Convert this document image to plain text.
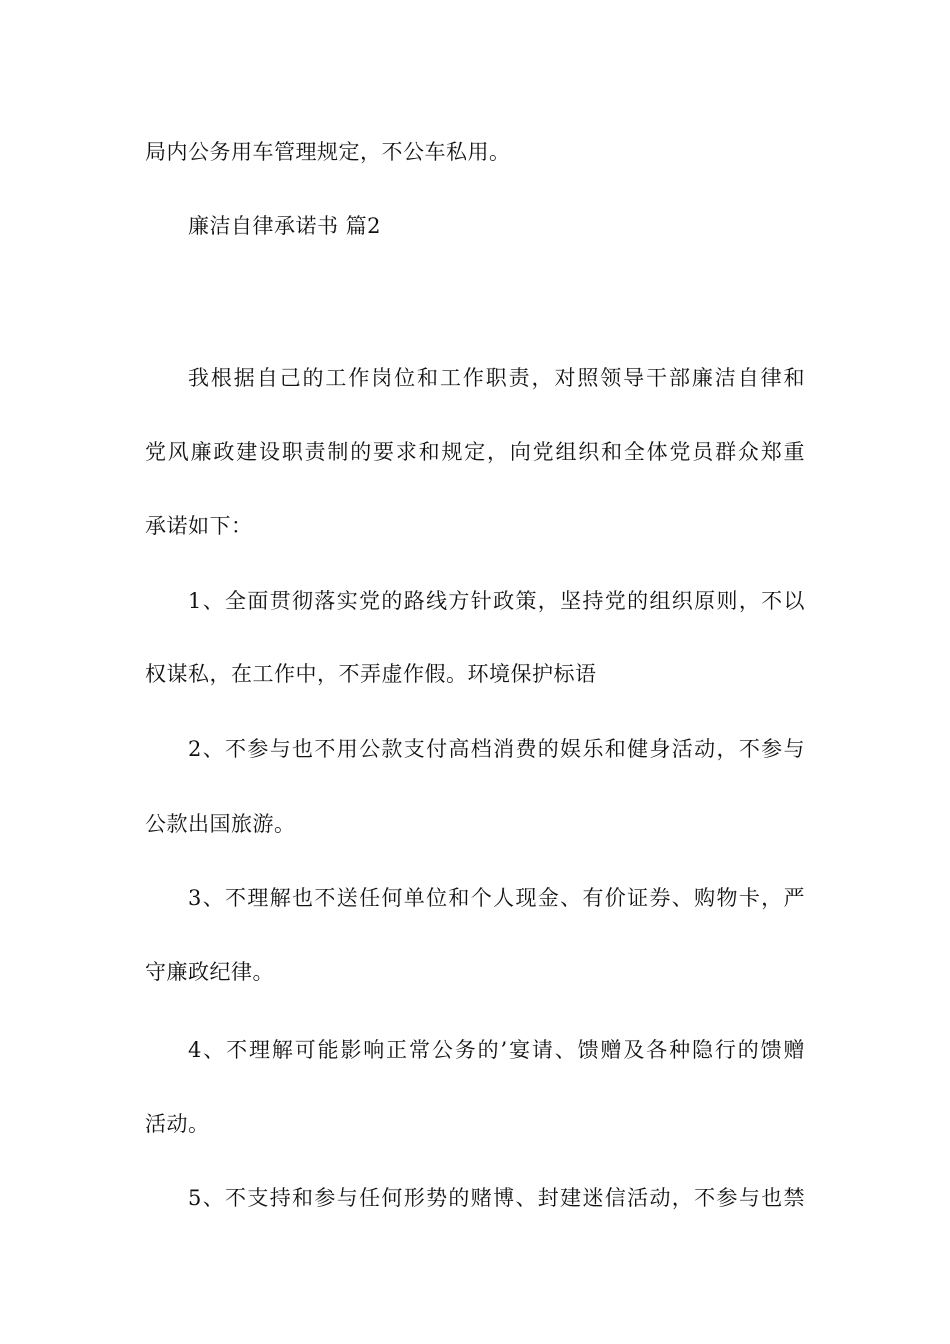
局内公务用车管理规定，不公车私用。
廉洁自律承诺书 篇2
我根据自己的工作岗位和工作职责，对照领导干部廉洁自律和
党风廉政建设职责制的要求和规定，向党组织和全体党员群众郑重
承诺如下：
1、全面贯彻落实党的路线方针政策，坚持党的组织原则，不以
权谋私，在工作中，不弄虚作假。环境保护标语
2、不参与也不用公款支付高档消费的娱乐和健身活动，不参与
公款出国旅游。
3、不理解也不送任何单位和个人现金、有价证券、购物卡，严
守廉政纪律。
4、不理解可能影响正常公务的’宴请、馈赠及各种隐行的馈赠
活动。
5、不支持和参与任何形势的赌博、封建迷信活动，不参与也禁
